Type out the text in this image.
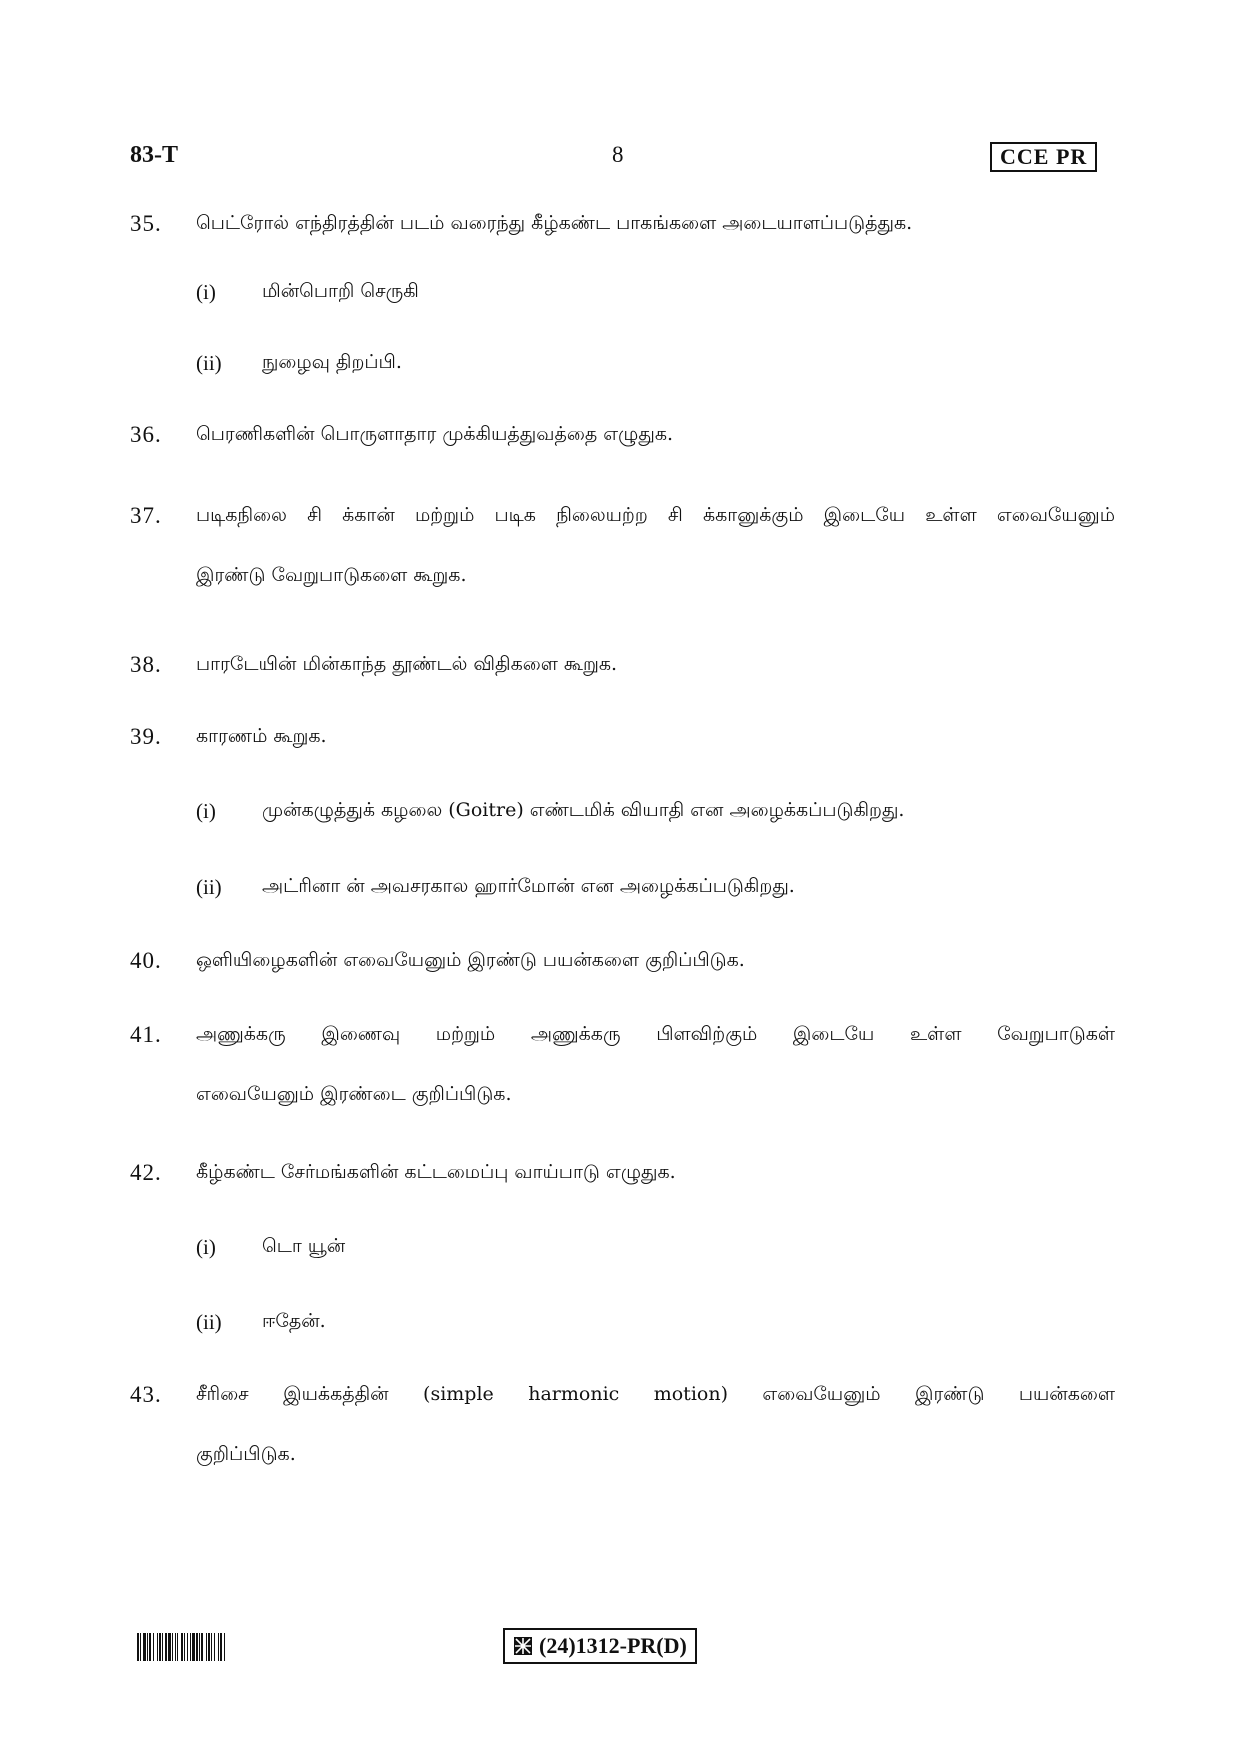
83-T	8	CCE PR
35. பெட்ரோல் எந்திரத்தின் படம் வரைந்து கீழ்கண்ட பாகங்களை அடையாளப்படுத்துக.
(i) மின்பொறி செருகி
(ii) நுழைவு திறப்பி.
36. பெரணிகளின் பொருளாதார முக்கியத்துவத்தை எழுதுக.
37. படிகநிலை சி க்கான் மற்றும் படிக நிலையற்ற சி க்கானுக்கும் இடையே உள்ள எவையேனும்
இரண்டு வேறுபாடுகளை கூறுக.
38. பாரடேயின் மின்காந்த தூண்டல் விதிகளை கூறுக.
39. காரணம் கூறுக.
(i) முன்கழுத்துக் கழலை (Goitre) எண்டமிக் வியாதி என அழைக்கப்படுகிறது.
(ii) அட்ரினா ன் அவசரகால ஹார்மோன் என அழைக்கப்படுகிறது.
40. ஒளியிழைகளின் எவையேனும் இரண்டு பயன்களை குறிப்பிடுக.
41. அணுக்கரு இணைவு மற்றும் அணுக்கரு பிளவிற்கும் இடையே உள்ள வேறுபாடுகள்
எவையேனும் இரண்டை குறிப்பிடுக.
42. கீழ்கண்ட சேர்மங்களின் கட்டமைப்பு வாய்பாடு எழுதுக.
(i) டொ யூன்
(ii) ஈதேன்.
43. சீரிசை இயக்கத்தின் (simple harmonic motion) எவையேனும் இரண்டு பயன்களை
குறிப்பிடுக.
(24)1312-PR(D)
